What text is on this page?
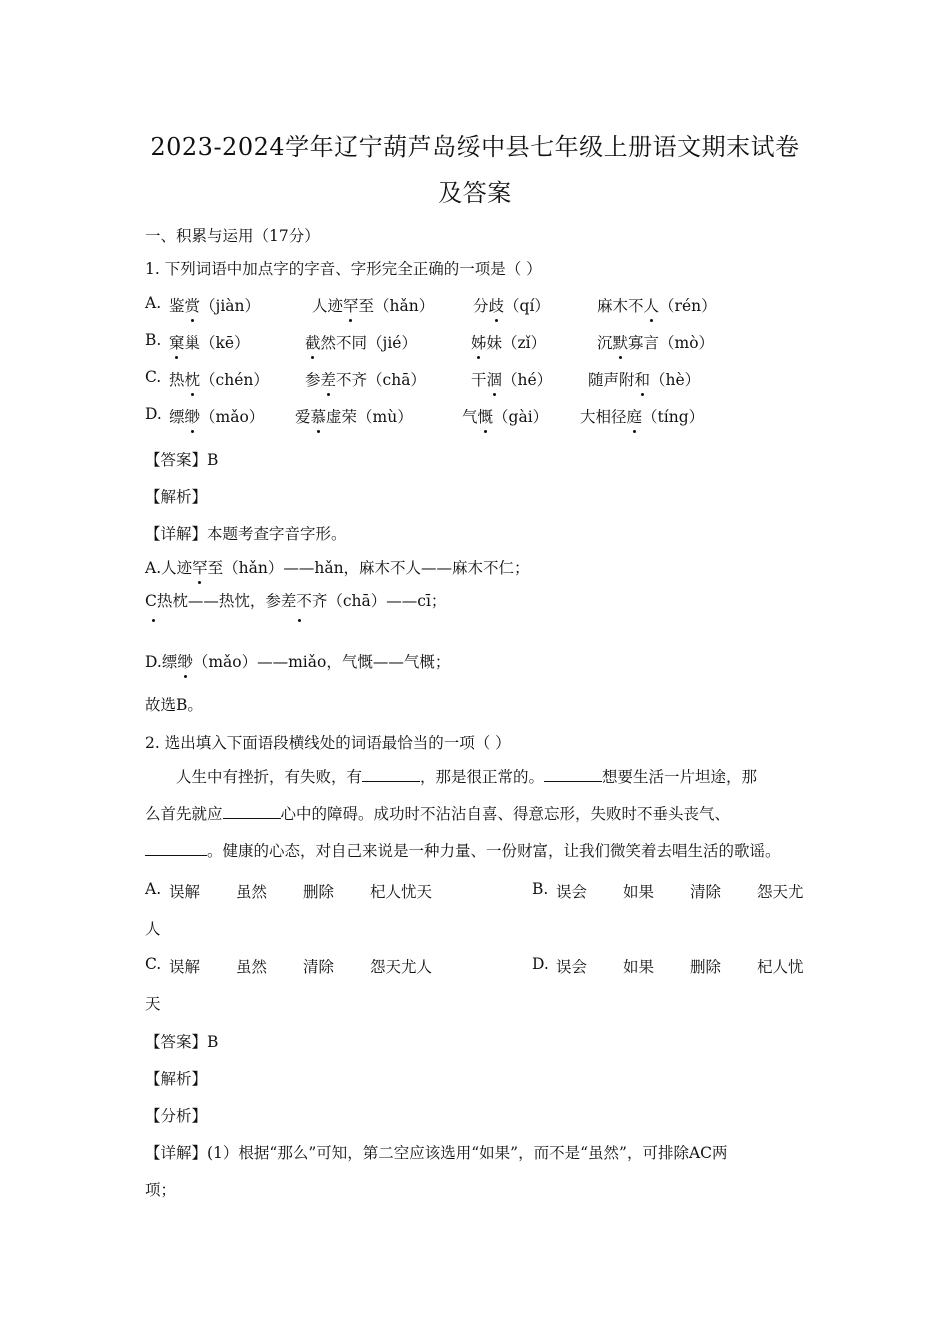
2023-2024学年辽宁葫芦岛绥中县七年级上册语文期末试卷
及答案
一、积累与运用（17分）
1. 下列词语中加点字的字音、字形完全正确的一项是（ ）
A. 鉴赏（jiàn）	人迹罕至（hǎn）	分歧（qí）	麻木不人（rén）
B. 窠巢（kē）	截然不同（jié）	姊妹（zǐ）	沉默寡言（mò）
C. 热枕（chén） 参差不齐（chā）	干涸（hé） 随声附和（hè）
D. 缥缈（mǎo） 爱慕虚荣（mù）	气慨（gài） 大相径庭（tíng）
【答案】B
【解析】
【详解】本题考查字音字形。
A.人迹罕至（hǎn）——hǎn，麻木不人——麻木不仁；
C热枕——热忱，参差不齐（chā）——cī；
D.缥缈（mǎo）——miǎo，气慨——气概；
故选B。
2. 选出填入下面语段横线处的词语最恰当的一项（ ）
人生中有挫折，有失败，有	，那是很正常的。	想要生活一片坦途，那
么首先就应	心中的障碍。成功时不沾沾自喜、得意忘形，失败时不垂头丧气、
。健康的心态，对自己来说是一种力量、一份财富，让我们微笑着去唱生活的歌谣。
A. 误解 虽然 删除 杞人忧天	B. 误会 如果 清除 怨天尤
人
C. 误解 虽然 清除 怨天尤人	D. 误会 如果 删除 杞人忧
天
【答案】B
【解析】
【分析】
【详解】(1）根据“那么”可知，第二空应该选用“如果”，而不是“虽然”，可排除AC两
项；
